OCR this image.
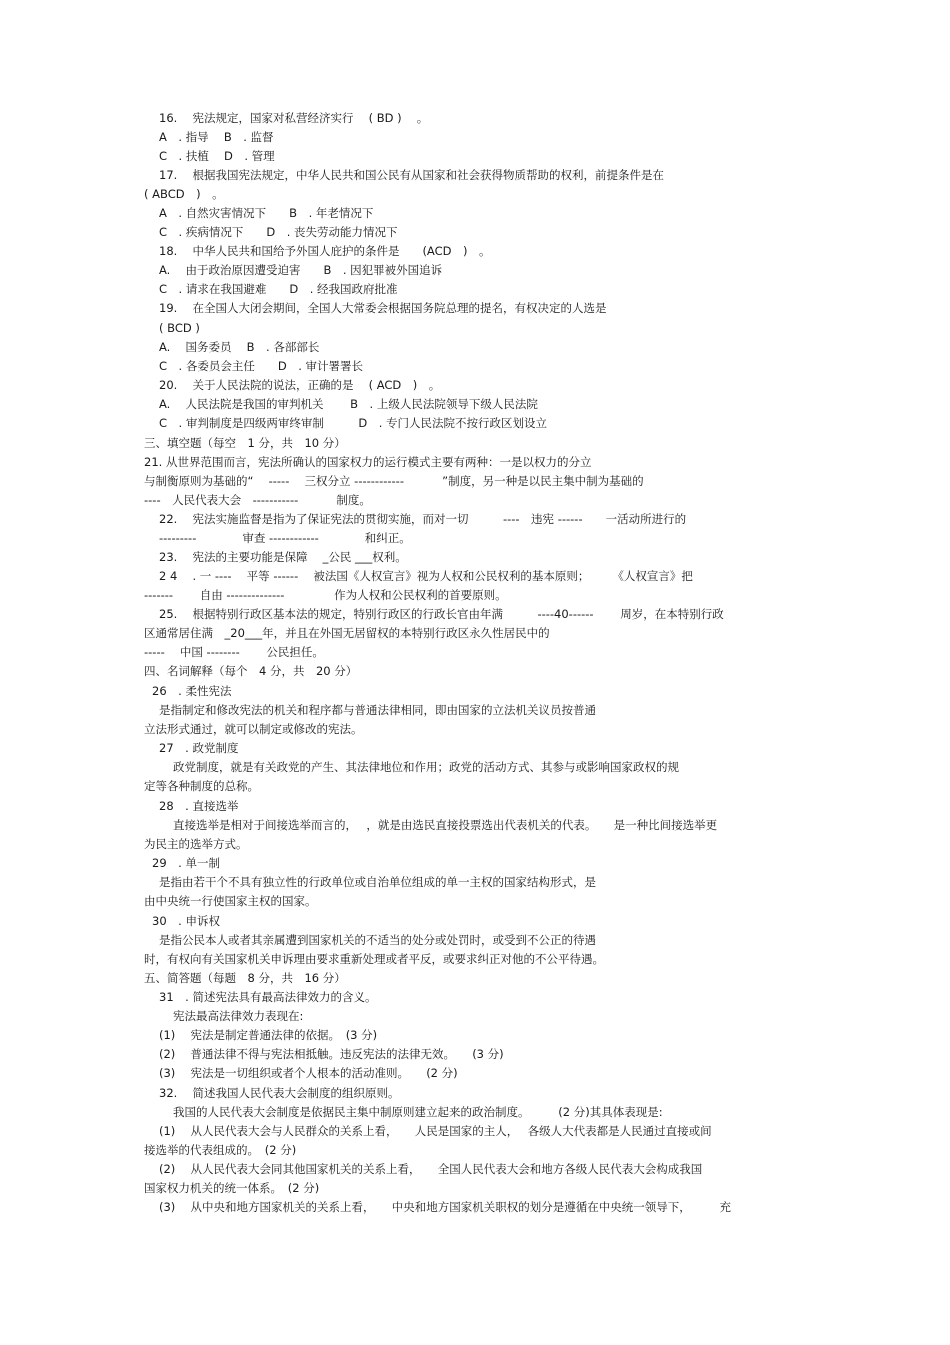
16.　 宪法规定，国家对私营经济实行　 ( BD )　 。
A　. 指导　 B　. 监督
C　. 扶植　 D　. 管理
17.　 根据我国宪法规定，中华人民共和国公民有从国家和社会获得物质帮助的权利，前提条件是在
( ABCD　)　。
A　. 自然灾害情况下　　B　. 年老情况下
C　. 疾病情况下　　D　. 丧失劳动能力情况下
18.　 中华人民共和国给予外国人庇护的条件是　　(ACD　)　。
A.　 由于政治原因遭受迫害　　B　. 因犯罪被外国追诉
C　. 请求在我国避难　　D　. 经我国政府批准
19.　 在全国人大闭会期间，全国人大常委会根据国务院总理的提名，有权决定的人选是
( BCD )
A.　 国务委员　 B　. 各部部长
C　. 各委员会主任　　D　. 审计署署长
20.　 关于人民法院的说法，正确的是　 ( ACD　)　。
A.　 人民法院是我国的审判机关　　 B　. 上级人民法院领导下级人民法院
C　. 审判制度是四级两审终审制　　　D　. 专门人民法院不按行政区划设立
三、填空题（每空　1 分，共　10 分）
21. 从世界范围而言，宪法所确认的国家权力的运行模式主要有两种：一是以权力的分立
与制衡原则为基础的“　 -----　 三权分立 ------------　　　 ”制度，另一种是以民主集中制为基础的
----　人民代表大会　-----------　　　 制度。
22.　 宪法实施监督是指为了保证宪法的贯彻实施，而对一切　　　----　违宪 ------　　一活动所进行的
---------　　　　审查 ------------　　　　和纠正。
23.　 宪法的主要功能是保障　 _公民 ___权利。
2 4　 . 一 ----　 平等 ------　 被法国《人权宣言》视为人权和公民权利的基本原则；　　　《人权宣言》把
-------　　 自由 --------------　　　　 作为人权和公民权利的首要原则。
25.　 根据特别行政区基本法的规定，特别行政区的行政长官由年满　　　----40------　　 周岁，在本特别行政
区通常居住满　_20___年，并且在外国无居留权的本特别行政区永久性居民中的
-----　 中国 --------　　 公民担任。
四、名词解释（每个　4 分，共　20 分）
26　. 柔性宪法
是指制定和修改宪法的机关和程序都与普通法律相同，即由国家的立法机关议员按普通
立法形式通过，就可以制定或修改的宪法。
27　. 政党制度
政党制度，就是有关政党的产生、其法律地位和作用；政党的活动方式、其参与或影响国家政权的规
定等各种制度的总称。
28　. 直接选举
直接选举是相对于间接选举而言的，　 ，就是由选民直接投票选出代表机关的代表。　　是一种比间接选举更
为民主的选举方式。
29　. 单一制
是指由若干个不具有独立性的行政单位或自治单位组成的单一主权的国家结构形式，是
由中央统一行使国家主权的国家。
30　. 申诉权
是指公民本人或者其亲属遭到国家机关的不适当的处分或处罚时，或受到不公正的待遇
时，有权向有关国家机关申诉理由要求重新处理或者平反，或要求纠正对他的不公平待遇。
五、简答题（每题　8 分，共　16 分）
31　. 简述宪法具有最高法律效力的含义。
宪法最高法律效力表现在:
(1)　 宪法是制定普通法律的依据。　(3 分)
(2)　 普通法律不得与宪法相抵触。违反宪法的法律无效。　　(3 分)
(3)　 宪法是一切组织或者个人根本的活动准则。　　(2 分)
32.　 简述我国人民代表大会制度的组织原则。
我国的人民代表大会制度是依据民主集中制原则建立起来的政治制度。　　　(2 分)其具体表现是:
(1)　 从人民代表大会与人民群众的关系上看，　　人民是国家的主人，　 各级人大代表都是人民通过直接或间
接选举的代表组成的。　(2 分)
(2)　 从人民代表大会同其他国家机关的关系上看，　　全国人民代表大会和地方各级人民代表大会构成我国
国家权力机关的统一体系。　(2 分)
(3)　 从中央和地方国家机关的关系上看，　　中央和地方国家机关职权的划分是遵循在中央统一领导下，　　　充
